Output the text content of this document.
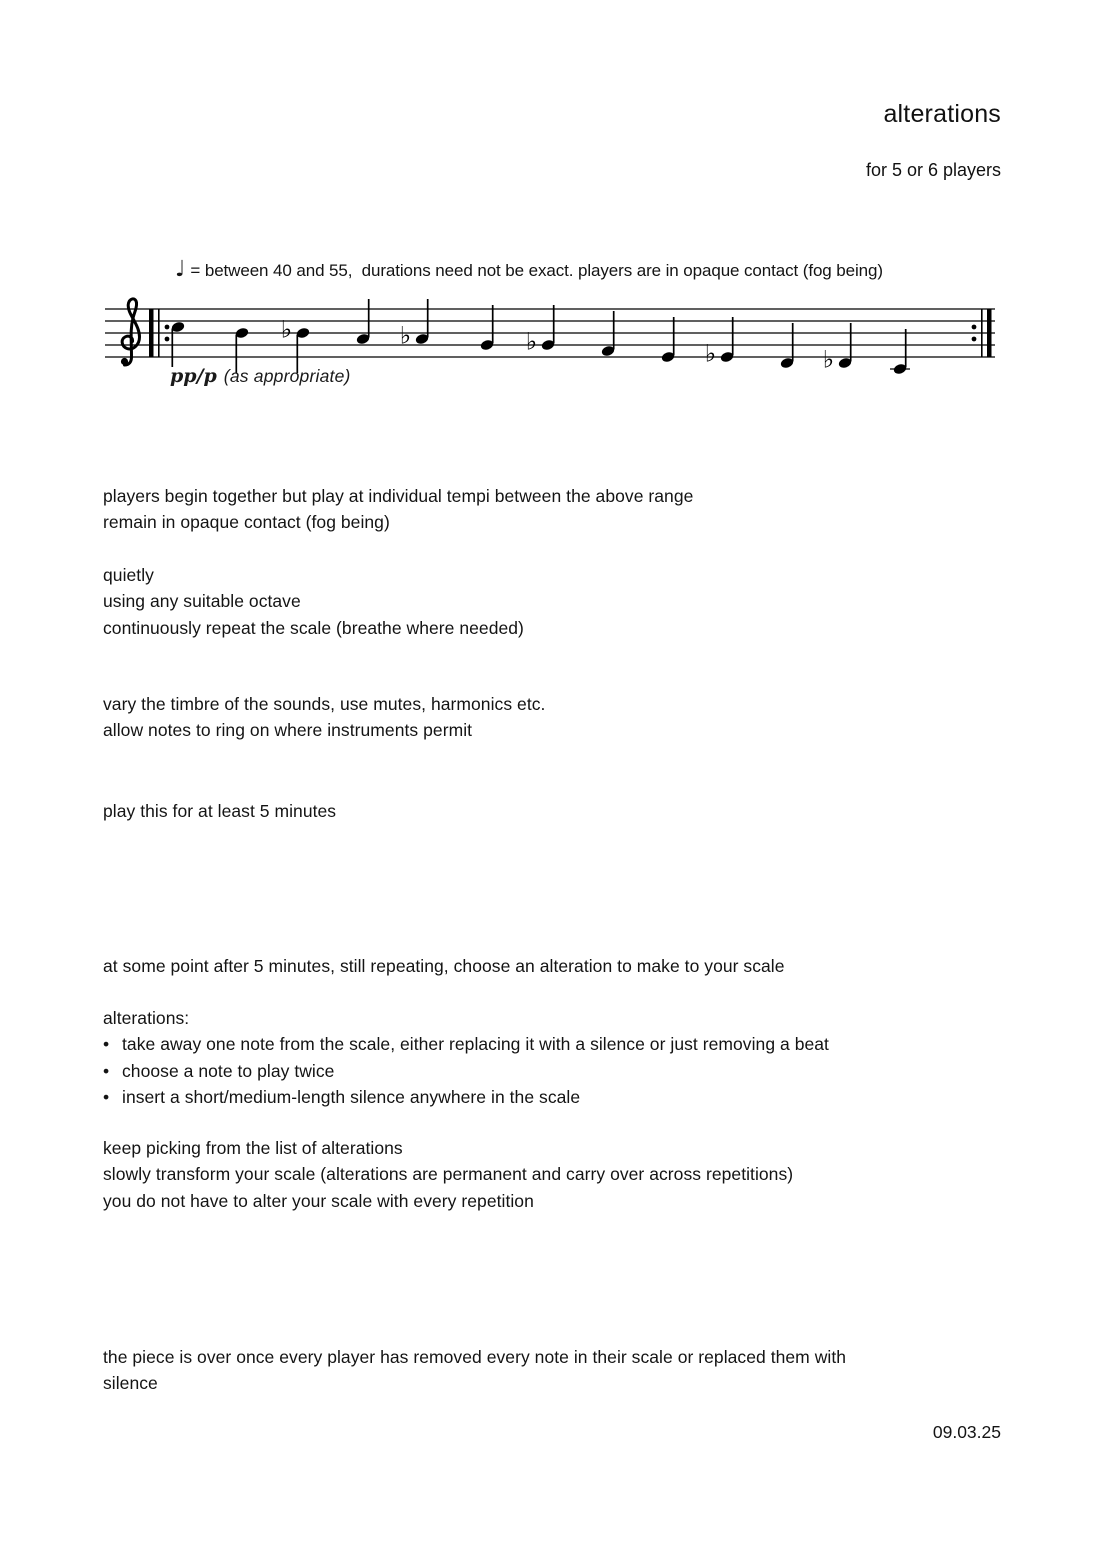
alterations
for 5 or 6 players
♩ = between 40 and 55,  durations need not be exact. players are in opaque contact (fog being)
♭	♭	♭	♭	♭
pp/p (as appropriate)
players begin together but play at individual tempi between the above range
remain in opaque contact (fog being)
quietly
using any suitable octave
continuously repeat the scale (breathe where needed)
vary the timbre of the sounds, use mutes, harmonics etc.
allow notes to ring on where instruments permit
play this for at least 5 minutes
at some point after 5 minutes, still repeating, choose an alteration to make to your scale
alterations:
• take away one note from the scale, either replacing it with a silence or just removing a beat
• choose a note to play twice
• insert a short/medium-length silence anywhere in the scale
keep picking from the list of alterations
slowly transform your scale (alterations are permanent and carry over across repetitions)
you do not have to alter your scale with every repetition
the piece is over once every player has removed every note in their scale or replaced them with
silence
09.03.25
